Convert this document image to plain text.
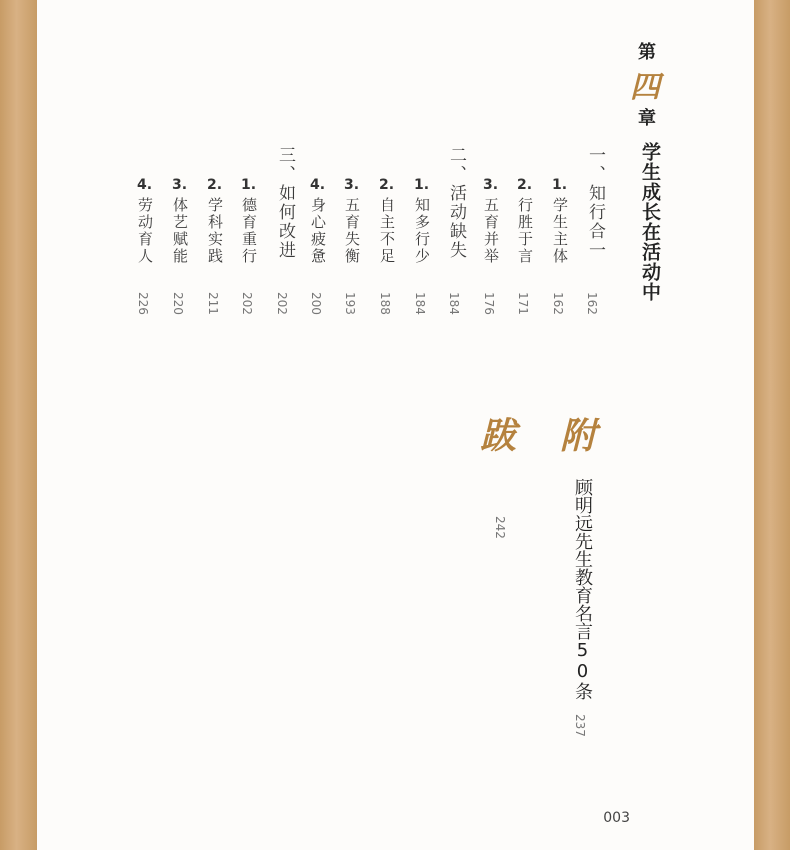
第
四
章
学生成长在活动中
一、知行合一
162
1.
学生主体
162
2.
行胜于言
171
3.
五育并举
176
二、活动缺失
184
1.
知多行少
184
2.
自主不足
188
3.
五育失衡
193
4.
身心疲惫
200
三、如何改进
202
1.
德育重行
202
2.
学科实践
211
3.
体艺赋能
220
4.
劳动育人
226
附
跋
顾明远先生教育名言50条
237
242
003
